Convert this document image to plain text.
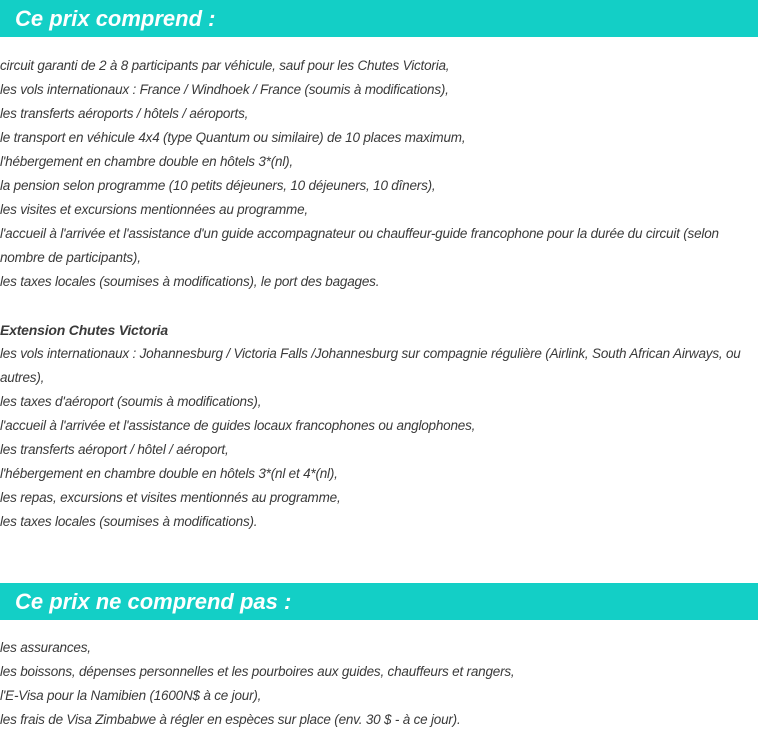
Ce prix comprend :
circuit garanti de 2 à 8 participants par véhicule, sauf pour les Chutes Victoria,
les vols internationaux : France / Windhoek / France (soumis à modifications),
les transferts aéroports / hôtels / aéroports,
le transport en véhicule 4x4 (type Quantum ou similaire) de 10 places maximum,
l'hébergement en chambre double en hôtels 3*(nl),
la pension selon programme (10 petits déjeuners, 10 déjeuners, 10 dîners),
les visites et excursions mentionnées au programme,
l'accueil à l'arrivée et l'assistance d'un guide accompagnateur ou chauffeur-guide francophone pour la durée du circuit (selon nombre de participants),
les taxes locales (soumises à modifications), le port des bagages.
Extension Chutes Victoria
les vols internationaux : Johannesburg / Victoria Falls /Johannesburg sur compagnie régulière (Airlink, South African Airways, ou autres),
les taxes d'aéroport (soumis à modifications),
l'accueil à l'arrivée et l'assistance de guides locaux francophones ou anglophones,
les transferts aéroport / hôtel / aéroport,
l'hébergement en chambre double en hôtels 3*(nl et 4*(nl),
les repas, excursions et visites mentionnés au programme,
les taxes locales (soumises à modifications).
Ce prix ne comprend pas :
les assurances,
les boissons, dépenses personnelles et les pourboires aux guides, chauffeurs et rangers,
l'E-Visa pour la Namibien (1600N$ à ce jour),
les frais de Visa Zimbabwe à régler en espèces sur place (env. 30 $ - à ce jour).
